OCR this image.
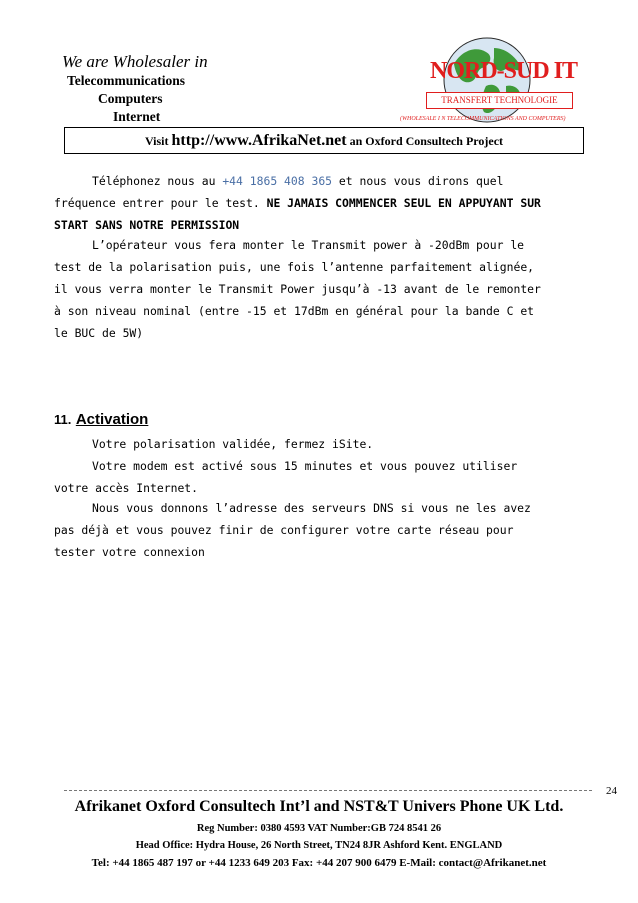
We are Wholesaler in
Telecommunications
Computers
Internet
NORD-SUD IT
TRANSFERT TECHNOLOGIE
(WHOLESALE I N TELECOMMUNICATIONS AND COMPUTERS)
Visit http://www.AfrikaNet.net an Oxford Consultech Project
Téléphonez nous au +44 1865 408 365 et nous vous dirons quel
fréquence entrer pour le test. NE JAMAIS COMMENCER SEUL EN APPUYANT SUR
START SANS NOTRE PERMISSION
L’opérateur vous fera monter le Transmit power à -20dBm pour le
test de la polarisation puis, une fois l’antenne parfaitement alignée,
il vous verra monter le Transmit Power jusqu’à -13 avant de le remonter
à son niveau nominal (entre -15 et 17dBm en général pour la bande C et
le BUC de 5W)
11. Activation
Votre polarisation validée, fermez iSite.
Votre modem est activé sous 15 minutes et vous pouvez utiliser
votre accès Internet.
Nous vous donnons l’adresse des serveurs DNS si vous ne les avez
pas déjà et vous pouvez finir de configurer votre carte réseau pour
tester votre connexion
24
Afrikanet Oxford Consultech Int’l and NST&T Univers Phone UK Ltd.
Reg Number: 0380 4593 VAT Number:GB 724 8541 26
Head Office: Hydra House, 26 North Street, TN24 8JR Ashford Kent. ENGLAND
Tel: +44 1865 487 197 or +44 1233 649 203 Fax: +44 207 900 6479 E-Mail: contact@Afrikanet.net
